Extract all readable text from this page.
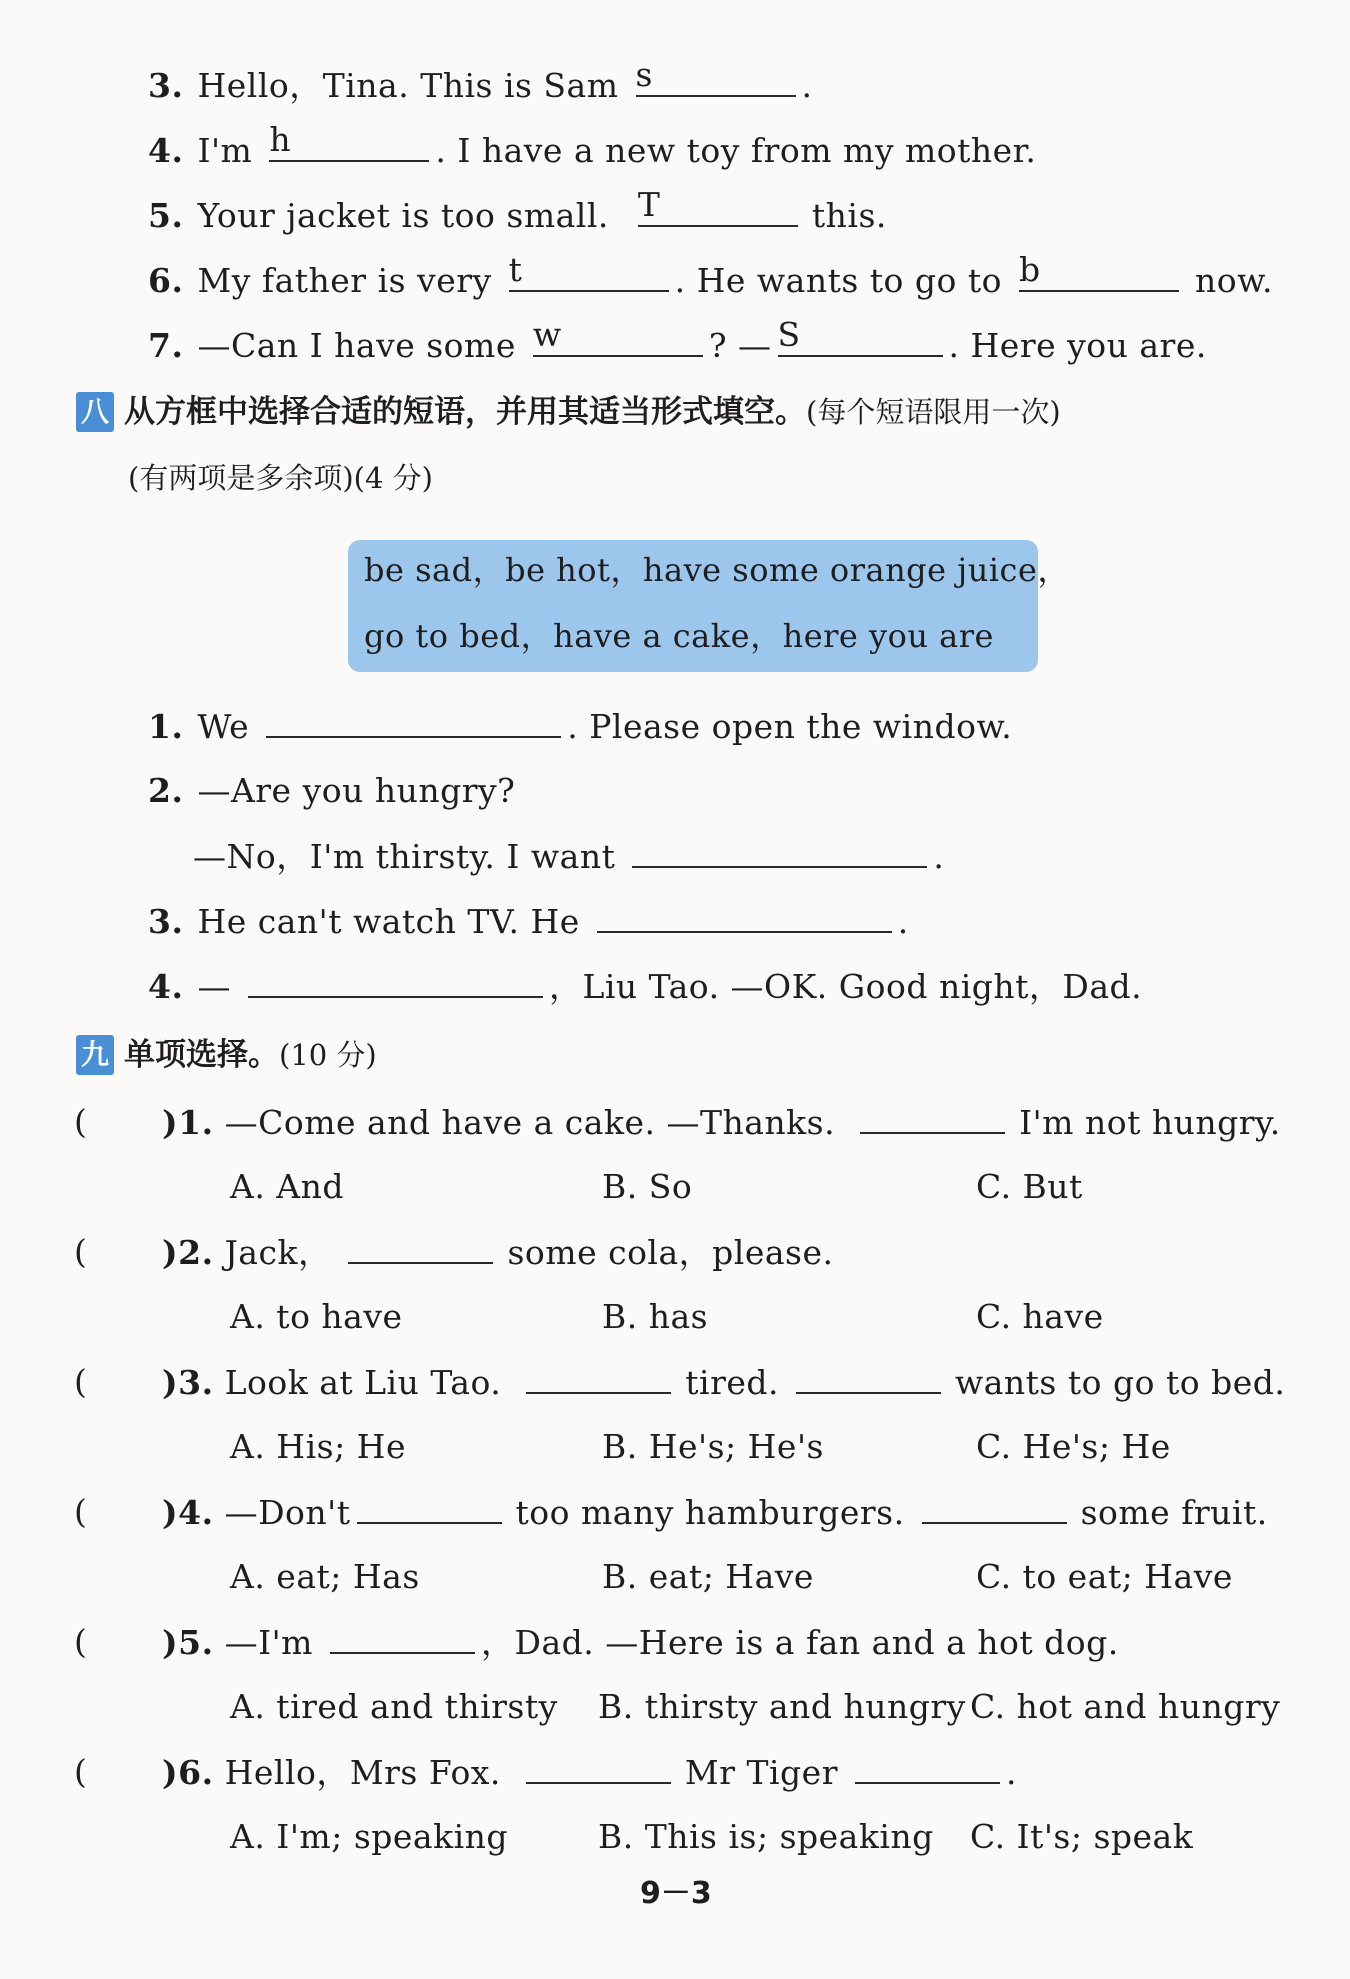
3. Hello，Tina. This is Sam s	.
4. I'm h	. I have a new toy from my mother.
5. Your jacket is too small. T	this.
6. My father is very t	. He wants to go to b	now.
7. —Can I have some w	? — S	. Here you are.
八 从方框中选择合适的短语，并用其适当形式填空。(每个短语限用一次)
(有两项是多余项)(4 分)
be sad，be hot，have some orange juice，
go to bed，have a cake，here you are
1. We	. Please open the window.
2. —Are you hungry?
—No，I'm thirsty. I want	.
3. He can't watch TV. He	.
4. —	，Liu Tao. —OK. Good night，Dad.
九 单项选择。(10 分)
( )1. —Come and have a cake. —Thanks.	I'm not hungry.
A. And	B. So	C. But
( )2. Jack，	some cola，please.
A. to have	B. has	C. have
( )3. Look at Liu Tao.	tired.	wants to go to bed.
A. His; He	B. He's; He's	C. He's; He
( )4. —Don't	too many hamburgers.	some fruit.
A. eat; Has	B. eat; Have	C. to eat; Have
( )5. —I'm	，Dad. —Here is a fan and a hot dog.
A. tired and thirsty B. thirsty and hungry C. hot and hungry
( )6. Hello，Mrs Fox.	Mr Tiger	.
A. I'm; speaking	B. This is; speaking C. It's; speak
9－3
